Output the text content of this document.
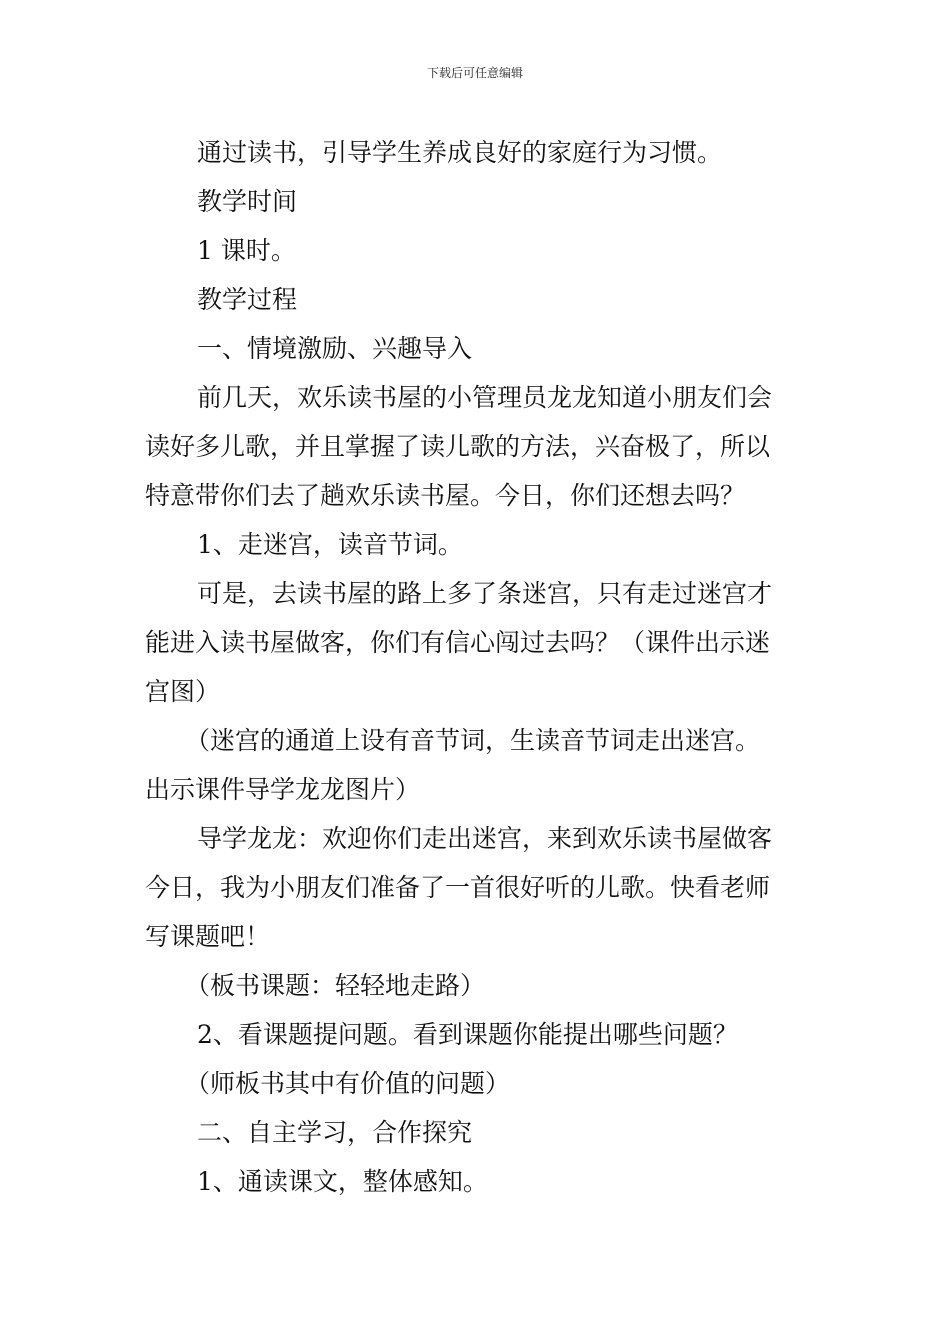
下载后可任意编辑

通过读书，引导学生养成良好的家庭行为习惯。

教学时间

1 课时。

教学过程

一、情境激励、兴趣导入

前几天，欢乐读书屋的小管理员龙龙知道小朋友们会

读好多儿歌，并且掌握了读儿歌的方法，兴奋极了，所以

特意带你们去了趟欢乐读书屋。今日，你们还想去吗？

1、走迷宫，读音节词。

可是，去读书屋的路上多了条迷宫，只有走过迷宫才

能进入读书屋做客，你们有信心闯过去吗？（课件出示迷

宫图）

（迷宫的通道上设有音节词，生读音节词走出迷宫。

出示课件导学龙龙图片）

导学龙龙：欢迎你们走出迷宫，来到欢乐读书屋做客

今日，我为小朋友们准备了一首很好听的儿歌。快看老师

写课题吧！

（板书课题：轻轻地走路）

2、看课题提问题。看到课题你能提出哪些问题？

（师板书其中有价值的问题）

二、自主学习，合作探究

1、通读课文，整体感知。
